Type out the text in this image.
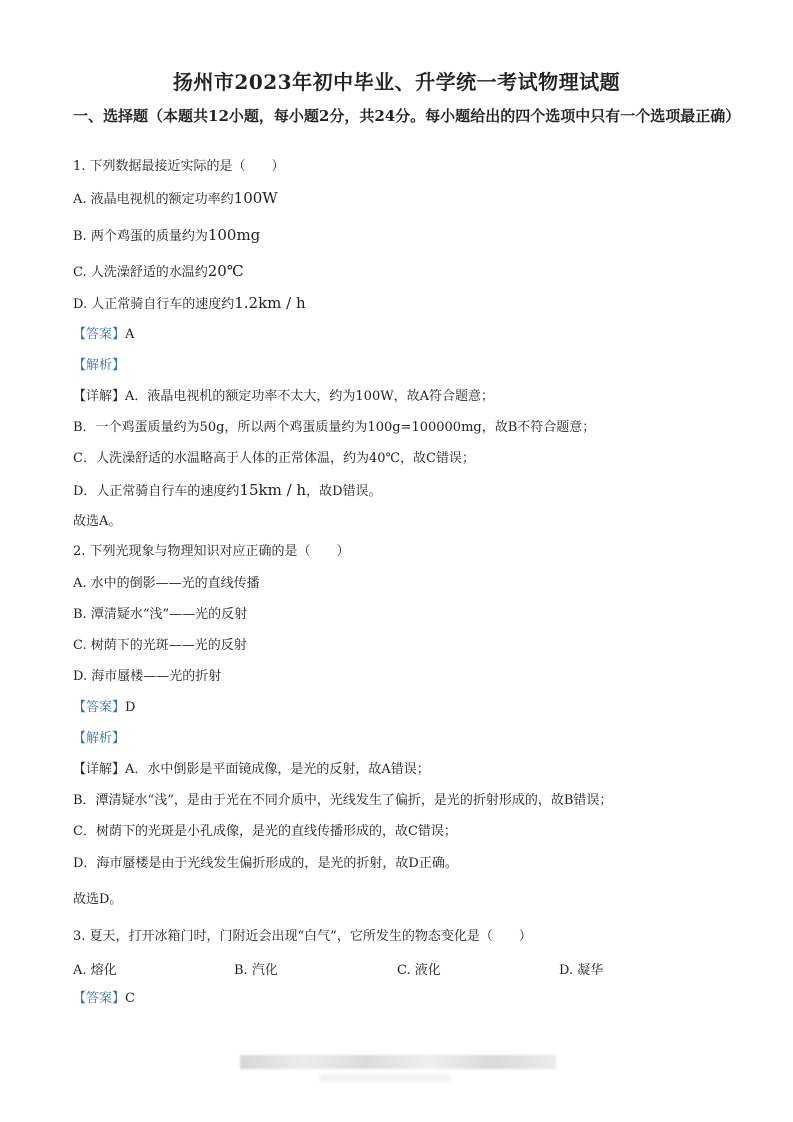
扬州市2023年初中毕业、升学统一考试物理试题
一、选择题（本题共12小题，每小题2分，共24分。每小题给出的四个选项中只有一个选项最正确）
1. 下列数据最接近实际的是（　　）
A. 液晶电视机的额定功率约100W
B. 两个鸡蛋的质量约为100mg
C. 人洗澡舒适的水温约20℃
D. 人正常骑自行车的速度约1.2km / h
【答案】A
【解析】
【详解】A．液晶电视机的额定功率不太大，约为100W，故A符合题意；
B．一个鸡蛋质量约为50g，所以两个鸡蛋质量约为100g=100000mg，故B不符合题意；
C．人洗澡舒适的水温略高于人体的正常体温，约为40℃，故C错误；
D．人正常骑自行车的速度约15km / h，故D错误。
故选A。
2. 下列光现象与物理知识对应正确的是（　　）
A. 水中的倒影——光的直线传播
B. 潭清疑水“浅”——光的反射
C. 树荫下的光斑——光的反射
D. 海市蜃楼——光的折射
【答案】D
【解析】
【详解】A．水中倒影是平面镜成像，是光的反射，故A错误；
B．潭清疑水“浅”，是由于光在不同介质中，光线发生了偏折，是光的折射形成的，故B错误；
C．树荫下的光斑是小孔成像，是光的直线传播形成的，故C错误；
D．海市蜃楼是由于光线发生偏折形成的，是光的折射，故D正确。
故选D。
3. 夏天，打开冰箱门时，门附近会出现“白气”，它所发生的物态变化是（　　）
A. 熔化	B. 汽化	C. 液化	D. 凝华
【答案】C
